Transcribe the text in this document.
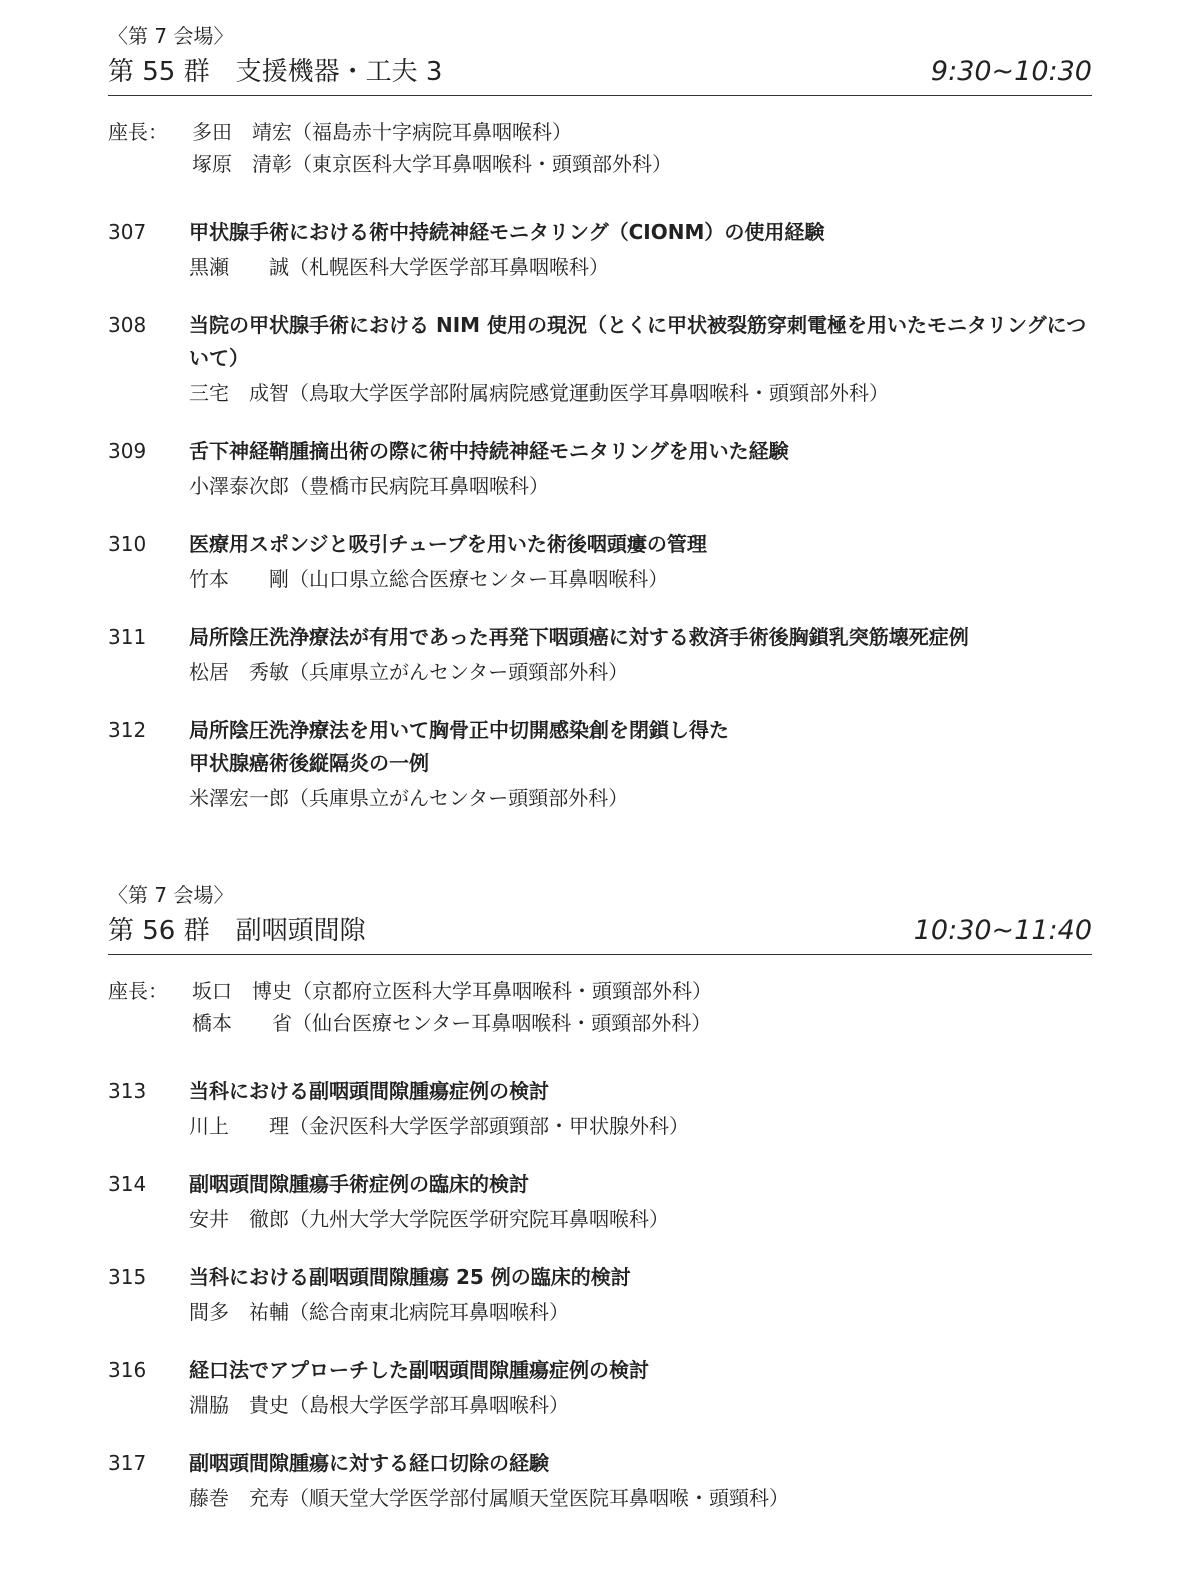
〈第 7 会場〉
第 55 群　支援機器・工夫 3	9:30~10:30
座長：	多田　靖宏（福島赤十字病院耳鼻咽喉科）
塚原　清彰（東京医科大学耳鼻咽喉科・頭頸部外科）
307	甲状腺手術における術中持続神経モニタリング（CIONM）の使用経験
黒瀬　　誠（札幌医科大学医学部耳鼻咽喉科）
308	当院の甲状腺手術における NIM 使用の現況（とくに甲状被裂筋穿刺電極を用いたモニタリングについて）
三宅　成智（鳥取大学医学部附属病院感覚運動医学耳鼻咽喉科・頭頸部外科）
309	舌下神経鞘腫摘出術の際に術中持続神経モニタリングを用いた経験
小澤泰次郎（豊橋市民病院耳鼻咽喉科）
310	医療用スポンジと吸引チューブを用いた術後咽頭瘻の管理
竹本　　剛（山口県立総合医療センター耳鼻咽喉科）
311	局所陰圧洗浄療法が有用であった再発下咽頭癌に対する救済手術後胸鎖乳突筋壊死症例
松居　秀敏（兵庫県立がんセンター頭頸部外科）
312	局所陰圧洗浄療法を用いて胸骨正中切開感染創を閉鎖し得た
甲状腺癌術後縦隔炎の一例
米澤宏一郎（兵庫県立がんセンター頭頸部外科）
〈第 7 会場〉
第 56 群　副咽頭間隙	10:30~11:40
座長：	坂口　博史（京都府立医科大学耳鼻咽喉科・頭頸部外科）
橋本　　省（仙台医療センター耳鼻咽喉科・頭頸部外科）
313	当科における副咽頭間隙腫瘍症例の検討
川上　　理（金沢医科大学医学部頭頸部・甲状腺外科）
314	副咽頭間隙腫瘍手術症例の臨床的検討
安井　徹郎（九州大学大学院医学研究院耳鼻咽喉科）
315	当科における副咽頭間隙腫瘍 25 例の臨床的検討
間多　祐輔（総合南東北病院耳鼻咽喉科）
316	経口法でアプローチした副咽頭間隙腫瘍症例の検討
淵脇　貴史（島根大学医学部耳鼻咽喉科）
317	副咽頭間隙腫瘍に対する経口切除の経験
藤巻　充寿（順天堂大学医学部付属順天堂医院耳鼻咽喉・頭頸科）
